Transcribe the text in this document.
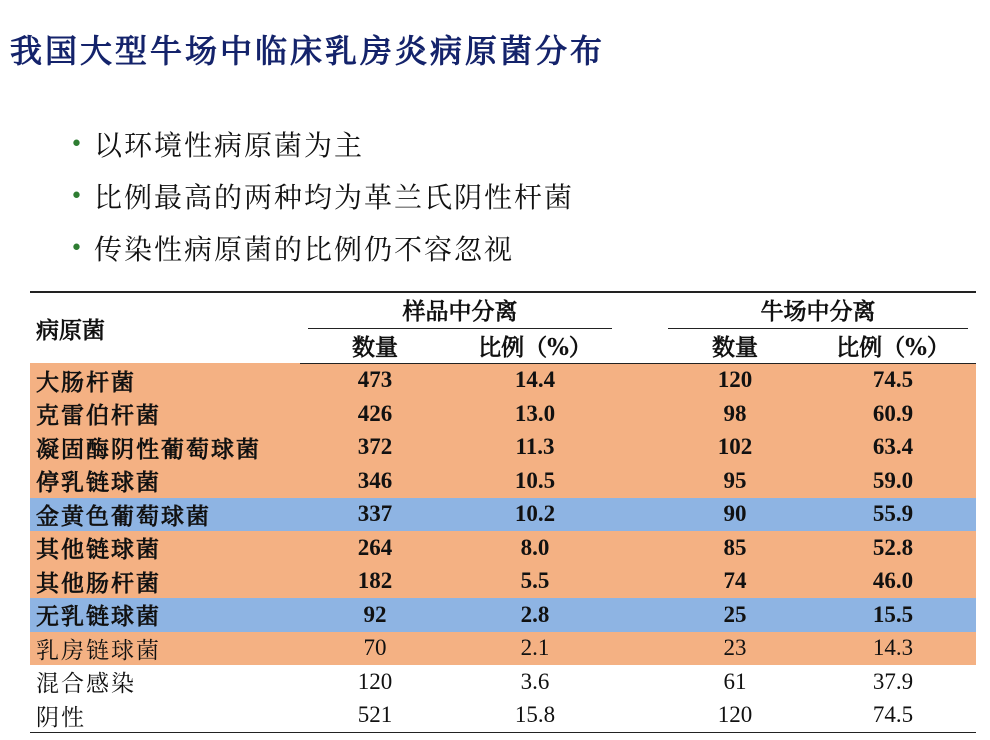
我国大型牛场中临床乳房炎病原菌分布
• 以环境性病原菌为主
• 比例最高的两种均为革兰氏阴性杆菌
• 传染性病原菌的比例仍不容忽视
病原菌	样品中分离			牛场中分离	

	数量	比例（%）		数量	比例（%）
大肠杆菌	473	14.4		120	74.5
克雷伯杆菌	426	13.0		98	60.9
凝固酶阴性葡萄球菌	372	11.3		102	63.4
停乳链球菌	346	10.5		95	59.0
金黄色葡萄球菌	337	10.2		90	55.9
其他链球菌	264	8.0		85	52.8
其他肠杆菌	182	5.5		74	46.0
无乳链球菌	92	2.8		25	15.5
乳房链球菌	70	2.1		23	14.3
混合感染	120	3.6		61	37.9
阴性	521	15.8		120	74.5
